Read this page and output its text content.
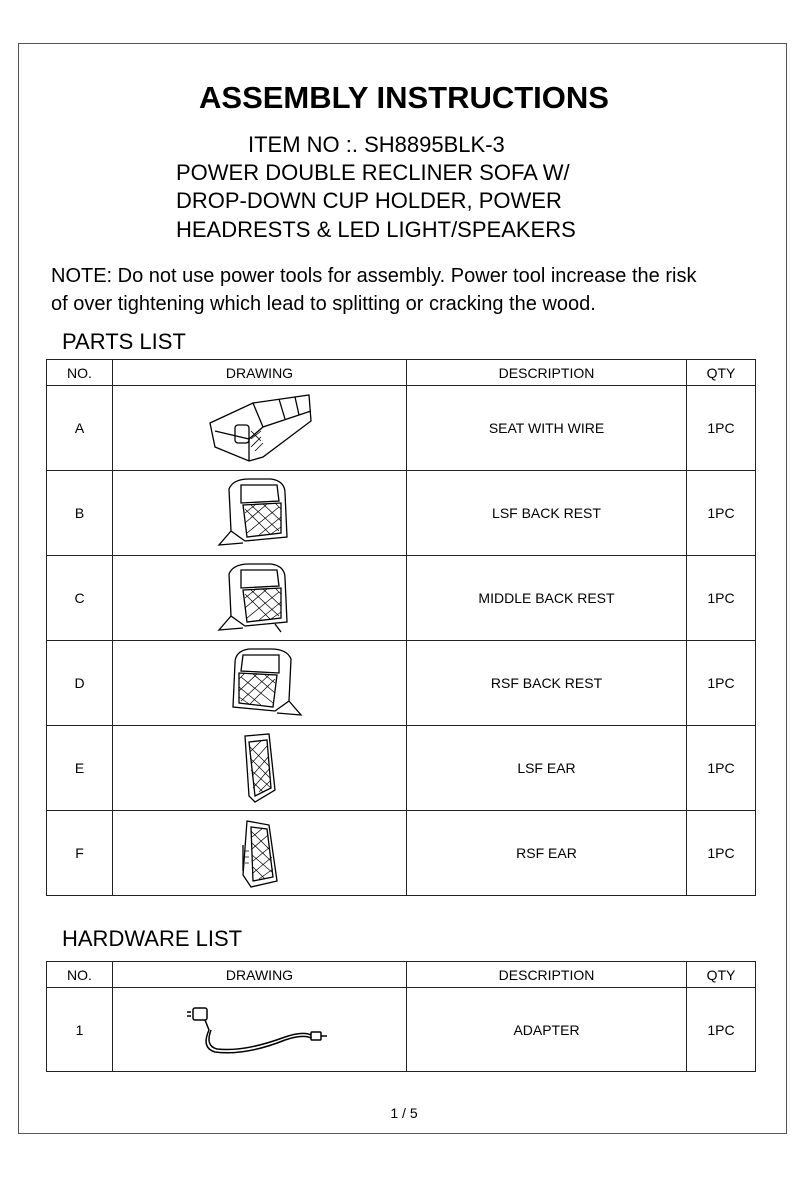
ASSEMBLY INSTRUCTIONS

ITEM NO :. SH8895BLK-3

POWER DOUBLE RECLINER SOFA W/

DROP-DOWN CUP HOLDER, POWER

HEADRESTS & LED LIGHT/SPEAKERS

NOTE: Do not use power tools for assembly. Power tool increase the risk
of over tightening which lead to splitting or cracking the wood.

PARTS LIST

NO.	DRAWING	DESCRIPTION	QTY
A		SEAT WITH WIRE	1PC
B		LSF BACK REST	1PC
C		MIDDLE BACK REST	1PC
D		RSF BACK REST	1PC
E		LSF EAR	1PC
F		RSF EAR	1PC

HARDWARE LIST

NO.	DRAWING	DESCRIPTION	QTY
1		ADAPTER	1PC

1 / 5
